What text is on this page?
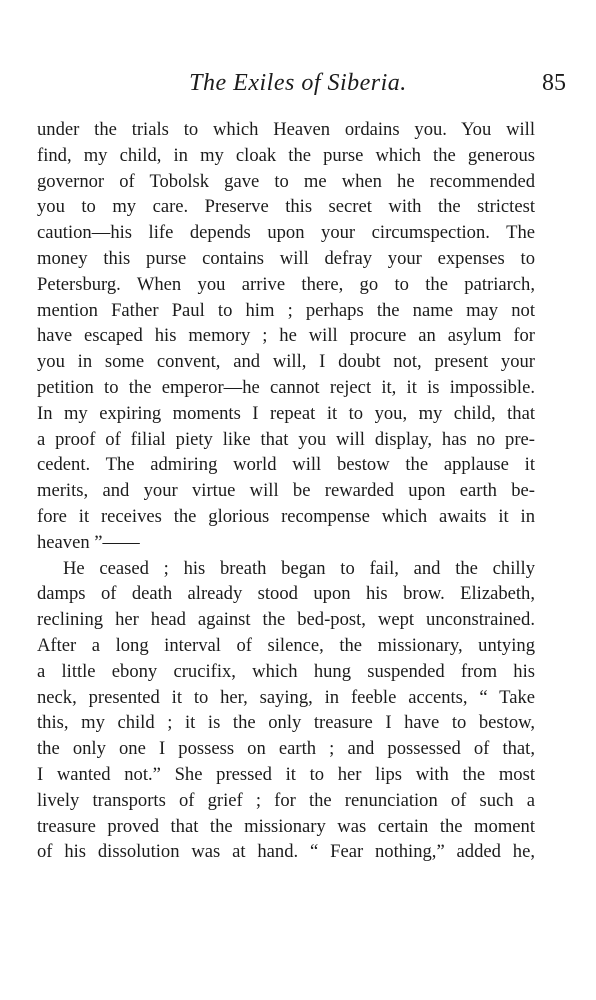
The Exiles of Siberia.	85
under the trials to which Heaven ordains you. You will
find, my child, in my cloak the purse which the generous
governor of Tobolsk gave to me when he recommended
you to my care. Preserve this secret with the strictest
caution—his life depends upon your circumspection. The
money this purse contains will defray your expenses to
Petersburg. When you arrive there, go to the patriarch,
mention Father Paul to him ; perhaps the name may not
have escaped his memory ; he will procure an asylum for
you in some convent, and will, I doubt not, present your
petition to the emperor—he cannot reject it, it is impossible.
In my expiring moments I repeat it to you, my child, that
a proof of filial piety like that you will display, has no pre-
cedent. The admiring world will bestow the applause it
merits, and your virtue will be rewarded upon earth be-
fore it receives the glorious recompense which awaits it in
heaven ”——
He ceased ; his breath began to fail, and the chilly
damps of death already stood upon his brow. Elizabeth,
reclining her head against the bed-post, wept unconstrained.
After a long interval of silence, the missionary, untying
a little ebony crucifix, which hung suspended from his
neck, presented it to her, saying, in feeble accents, “ Take
this, my child ; it is the only treasure I have to bestow,
the only one I possess on earth ; and possessed of that,
I wanted not.” She pressed it to her lips with the most
lively transports of grief ; for the renunciation of such a
treasure proved that the missionary was certain the moment
of his dissolution was at hand. “ Fear nothing,” added he,
